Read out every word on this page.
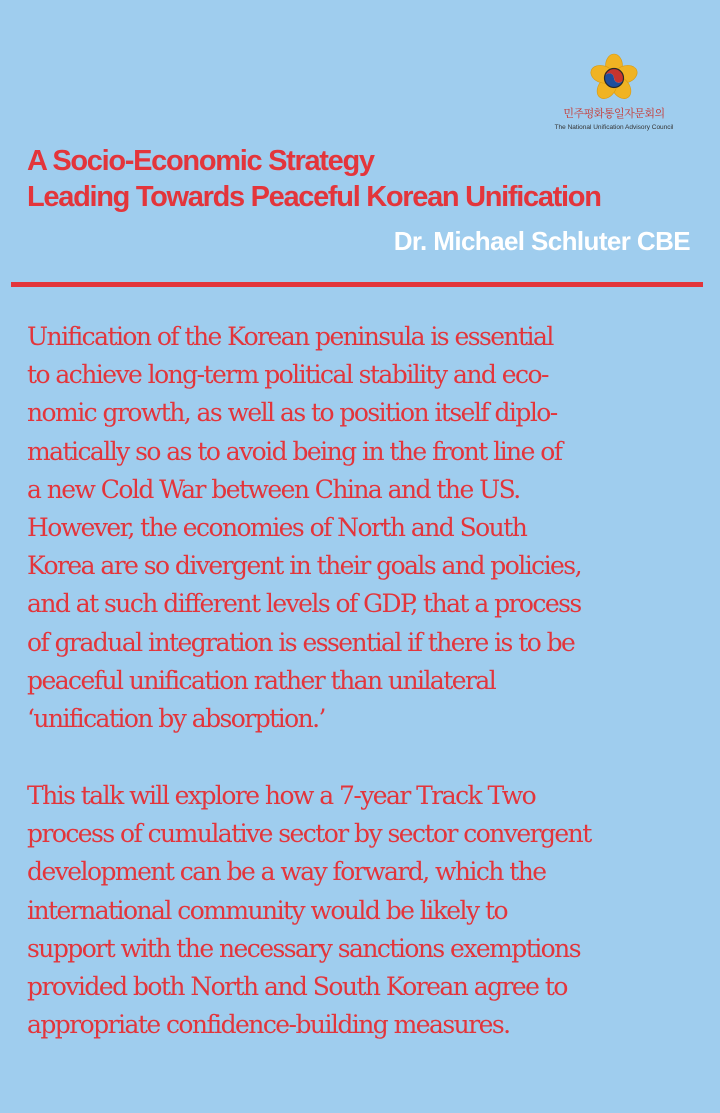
민주평화통일자문회의
The National Unification Advisory Council
A Socio-Economic Strategy
Leading Towards Peaceful Korean Unification
Dr. Michael Schluter CBE

Unification of the Korean peninsula is essential
to achieve long-term political stability and eco-
nomic growth, as well as to position itself diplo-
matically so as to avoid being in the front line of
a new Cold War between China and the US.
However, the economies of North and South
Korea are so divergent in their goals and policies,
and at such different levels of GDP, that a process
of gradual integration is essential if there is to be
peaceful unification rather than unilateral
‘unification by absorption.’

This talk will explore how a 7-year Track Two
process of cumulative sector by sector convergent
development can be a way forward, which the
international community would be likely to
support with the necessary sanctions exemptions
provided both North and South Korean agree to
appropriate confidence-building measures.
